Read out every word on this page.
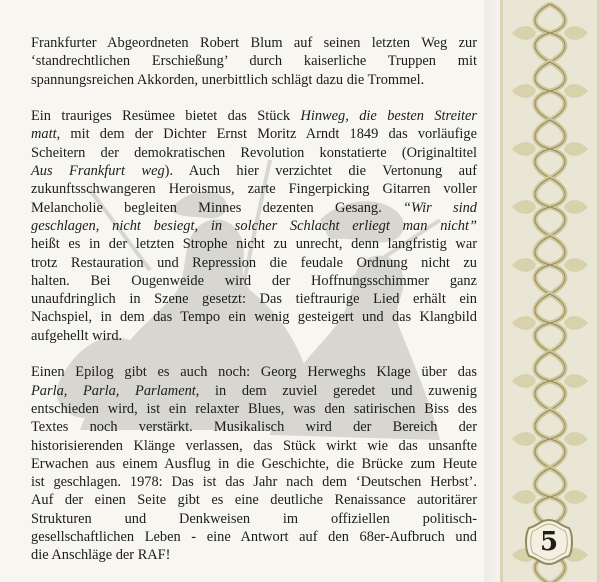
Frankfurter Abgeordneten Robert Blum auf seinen letzten Weg zur
‘standrechtlichen Erschießung’ durch kaiserliche Truppen mit
spannungsreichen Akkorden, unerbittlich schlägt dazu die Trommel.
Ein trauriges Resümee bietet das Stück Hinweg, die besten Streiter
matt, mit dem der Dichter Ernst Moritz Arndt 1849 das vorläufige
Scheitern der demokratischen Revolution konstatierte (Originaltitel
Aus Frankfurt weg). Auch hier verzichtet die Vertonung auf
zukunftsschwangeren Heroismus, zarte Fingerpicking Gitarren voller
Melancholie begleiten Minnes dezenten Gesang. “Wir sind
geschlagen, nicht besiegt, in solcher Schlacht erliegt man nicht”
heißt es in der letzten Strophe nicht zu unrecht, denn langfristig war
trotz Restauration und Repression die feudale Ordnung nicht zu
halten. Bei Ougenweide wird der Hoffnungsschimmer ganz
unaufdringlich in Szene gesetzt: Das tieftraurige Lied erhält ein
Nachspiel, in dem das Tempo ein wenig gesteigert und das Klangbild
aufgehellt wird.
Einen Epilog gibt es auch noch: Georg Herweghs Klage über das
Parla, Parla, Parlament, in dem zuviel geredet und zuwenig
entschieden wird, ist ein relaxter Blues, was den satirischen Biss des
Textes noch verstärkt. Musikalisch wird der Bereich der
historisierenden Klänge verlassen, das Stück wirkt wie das unsanfte
Erwachen aus einem Ausflug in die Geschichte, die Brücke zum Heute
ist geschlagen. 1978: Das ist das Jahr nach dem ‘Deutschen Herbst’.
Auf der einen Seite gibt es eine deutliche Renaissance autoritärer
Strukturen und Denkweisen im offiziellen politisch-
gesellschaftlichen Leben - eine Antwort auf den 68er-Aufbruch und
die Anschläge der RAF!	5
